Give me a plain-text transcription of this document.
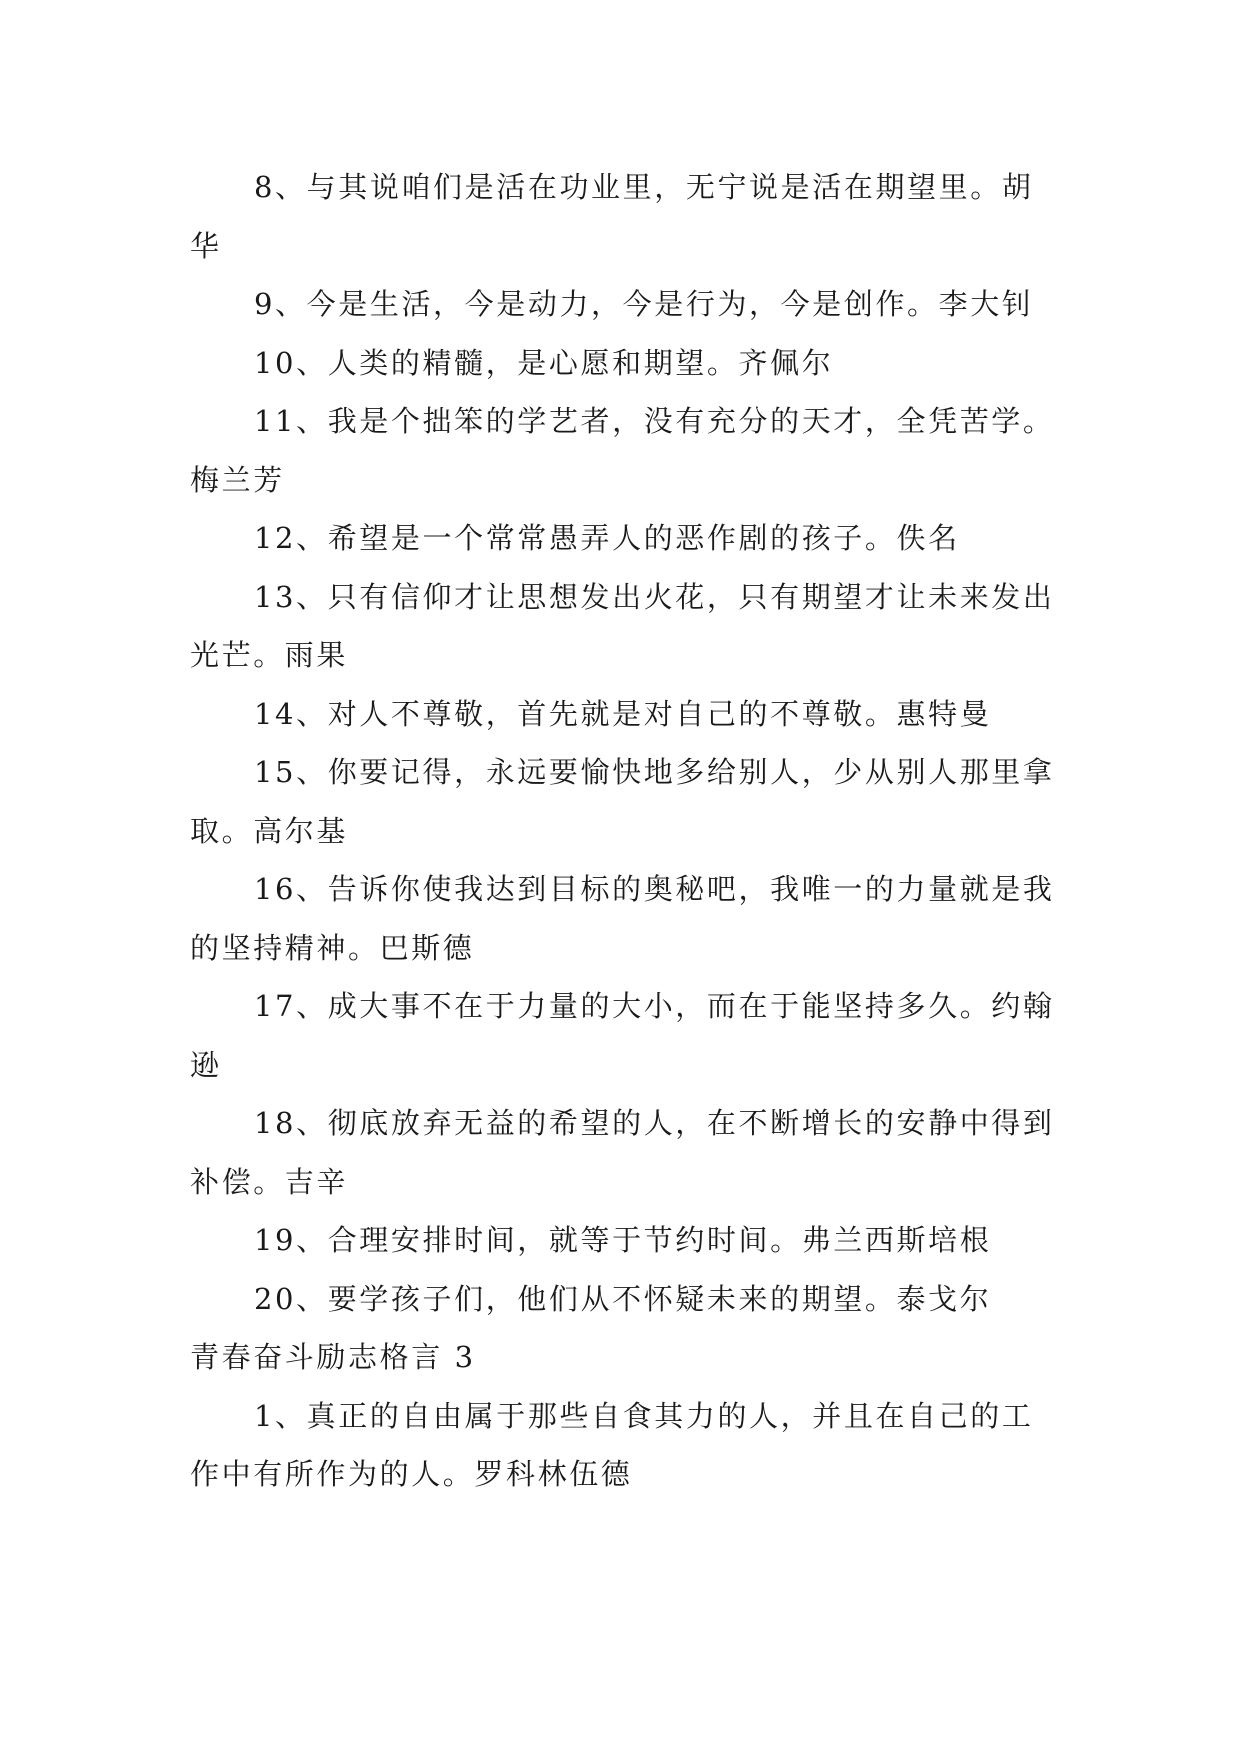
8、与其说咱们是活在功业里，无宁说是活在期望里。胡华

9、今是生活，今是动力，今是行为，今是创作。李大钊

10、人类的精髓，是心愿和期望。齐佩尔

11、我是个拙笨的学艺者，没有充分的天才，全凭苦学。梅兰芳

12、希望是一个常常愚弄人的恶作剧的孩子。佚名

13、只有信仰才让思想发出火花，只有期望才让未来发出光芒。雨果

14、对人不尊敬，首先就是对自己的不尊敬。惠特曼

15、你要记得，永远要愉快地多给别人，少从别人那里拿取。高尔基

16、告诉你使我达到目标的奥秘吧，我唯一的力量就是我的坚持精神。巴斯德

17、成大事不在于力量的大小，而在于能坚持多久。约翰逊

18、彻底放弃无益的希望的人，在不断增长的安静中得到补偿。吉辛

19、合理安排时间，就等于节约时间。弗兰西斯培根

20、要学孩子们，他们从不怀疑未来的期望。泰戈尔

青春奋斗励志格言 3

1、真正的自由属于那些自食其力的人，并且在自己的工作中有所作为的人。罗科林伍德
